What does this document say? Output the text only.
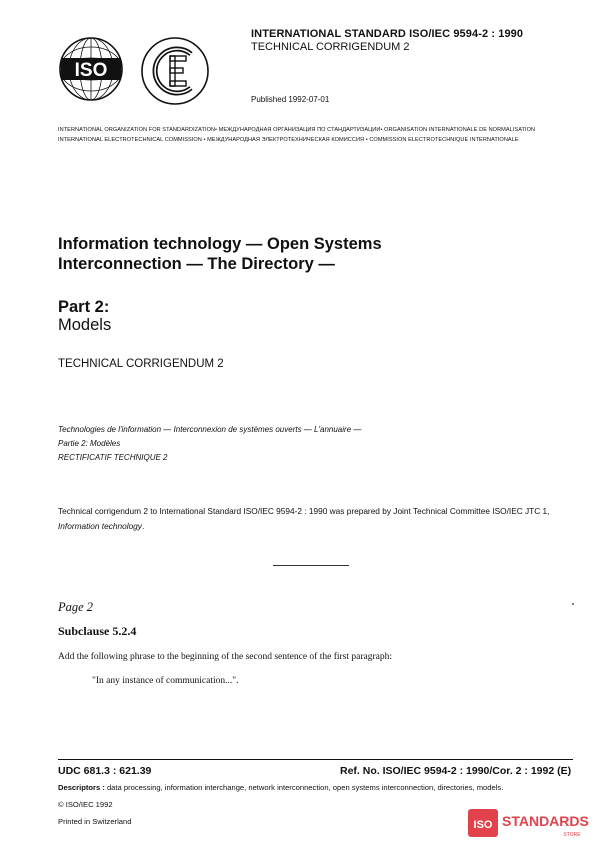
ISO
INTERNATIONAL STANDARD ISO/IEC 9594-2 : 1990
TECHNICAL CORRIGENDUM 2
Published 1992-07-01
INTERNATIONAL ORGANIZATION FOR STANDARDIZATION• МЕЖДУНАРОДНАЯ ОРГАНИЗАЦИЯ ПО СТАНДАРТИЗАЦИИ• ORGANISATION INTERNATIONALE DE NORMALISATION
INTERNATIONAL ELECTROTECHNICAL COMMISSION • МЕЖДУНАРОДНАЯ ЭЛЕКТРОТЕХНИЧЕСКАЯ КОМИССИЯ • COMMISSION ELECTROTECHNIQUE INTERNATIONALE
Information technology — Open Systems
Interconnection — The Directory —
Part 2:
Models
TECHNICAL CORRIGENDUM 2
Technologies de l'information — Interconnexion de systèmes ouverts — L'annuaire —
Partie 2: Modèles
RECTIFICATIF TECHNIQUE 2
Technical corrigendum 2 to International Standard ISO/IEC 9594-2 : 1990 was prepared by Joint Technical Committee ISO/IEC JTC 1, Information technology.
Page 2
Subclause 5.2.4
Add the following phrase to the beginning of the second sentence of the first paragraph:
"In any instance of communication...".
UDC 681.3 : 621.39	Ref. No. ISO/IEC 9594-2 : 1990/Cor. 2 : 1992 (E)
Descriptors : data processing, information interchange, network interconnection, open systems interconnection, directories, models.
© ISO/IEC 1992
Printed in Switzerland	ISO STANDARDS
STORE
